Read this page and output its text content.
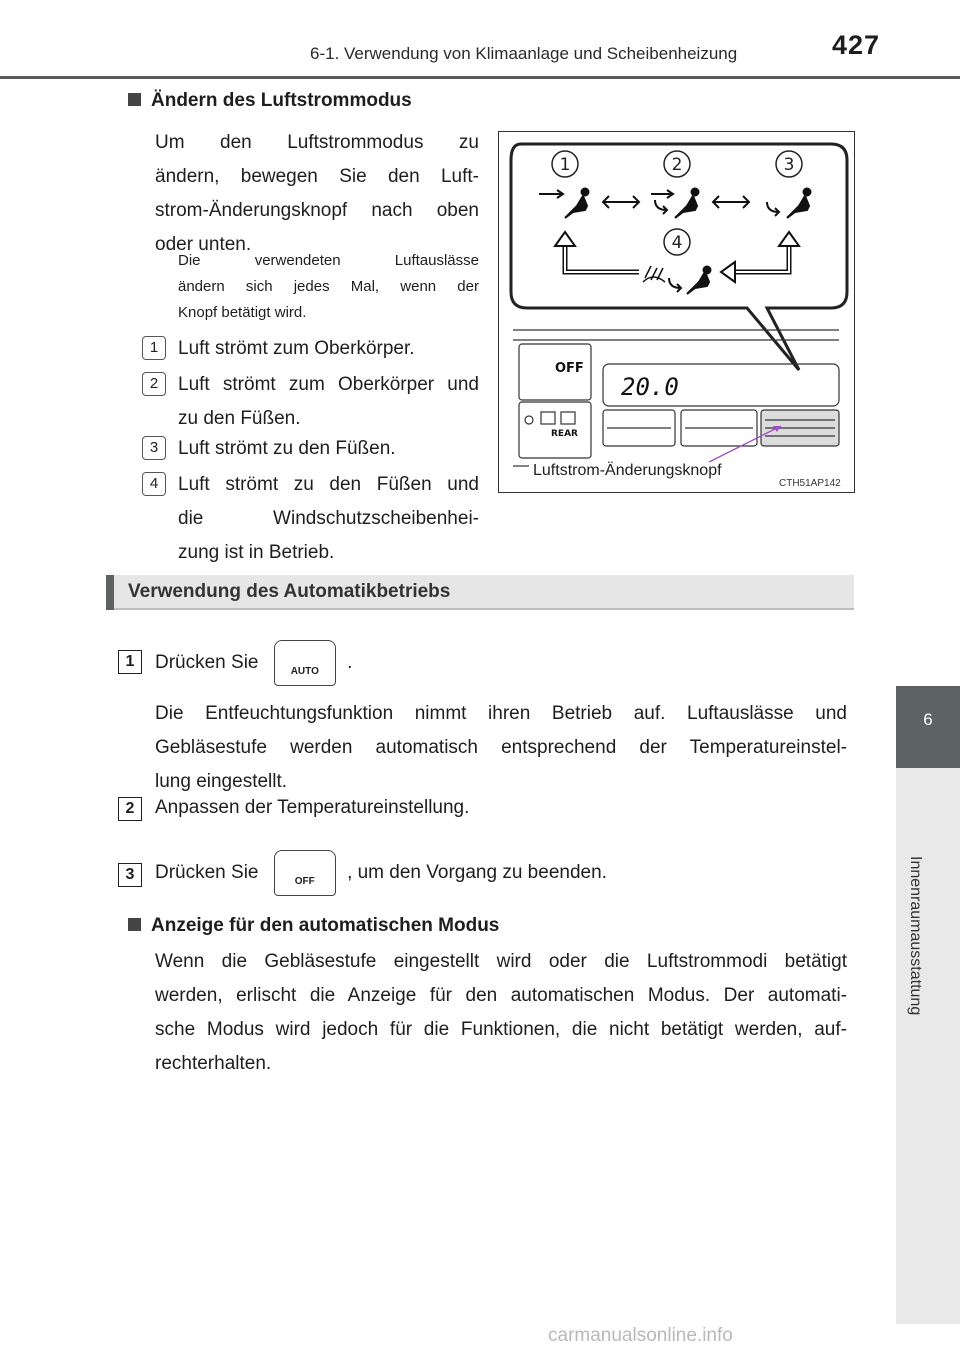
6-1. Verwendung von Klimaanlage und Scheibenheizung	427
6
Innenraumausstattung
Ändern des Luftstrommodus
Um den Luftstrommodus zu
ändern, bewegen Sie den Luft-
strom-Änderungsknopf nach oben
oder unten.
Die verwendeten Luftauslässe
ändern sich jedes Mal, wenn der
Knopf betätigt wird.
1	Luft strömt zum Oberkörper.
2	Luft strömt zum Oberkörper und
zu den Füßen.
3	Luft strömt zu den Füßen.
4	Luft strömt zu den Füßen und
die Windschutzscheibenhei-
zung ist in Betrieb.
1	2	3
4
OFF
20.0
REAR
Luftstrom-Änderungsknopf
CTH51AP142
Verwendung des Automatikbetriebs
1	Drücken Sie	AUTO	.
Die Entfeuchtungsfunktion nimmt ihren Betrieb auf. Luftauslässe und
Gebläsestufe werden automatisch entsprechend der Temperatureinstel-
lung eingestellt.
2	Anpassen der Temperatureinstellung.
3	Drücken Sie	OFF	, um den Vorgang zu beenden.
Anzeige für den automatischen Modus
Wenn die Gebläsestufe eingestellt wird oder die Luftstrommodi betätigt
werden, erlischt die Anzeige für den automatischen Modus. Der automati-
sche Modus wird jedoch für die Funktionen, die nicht betätigt werden, auf-
rechterhalten.
carmanualsonline.info
